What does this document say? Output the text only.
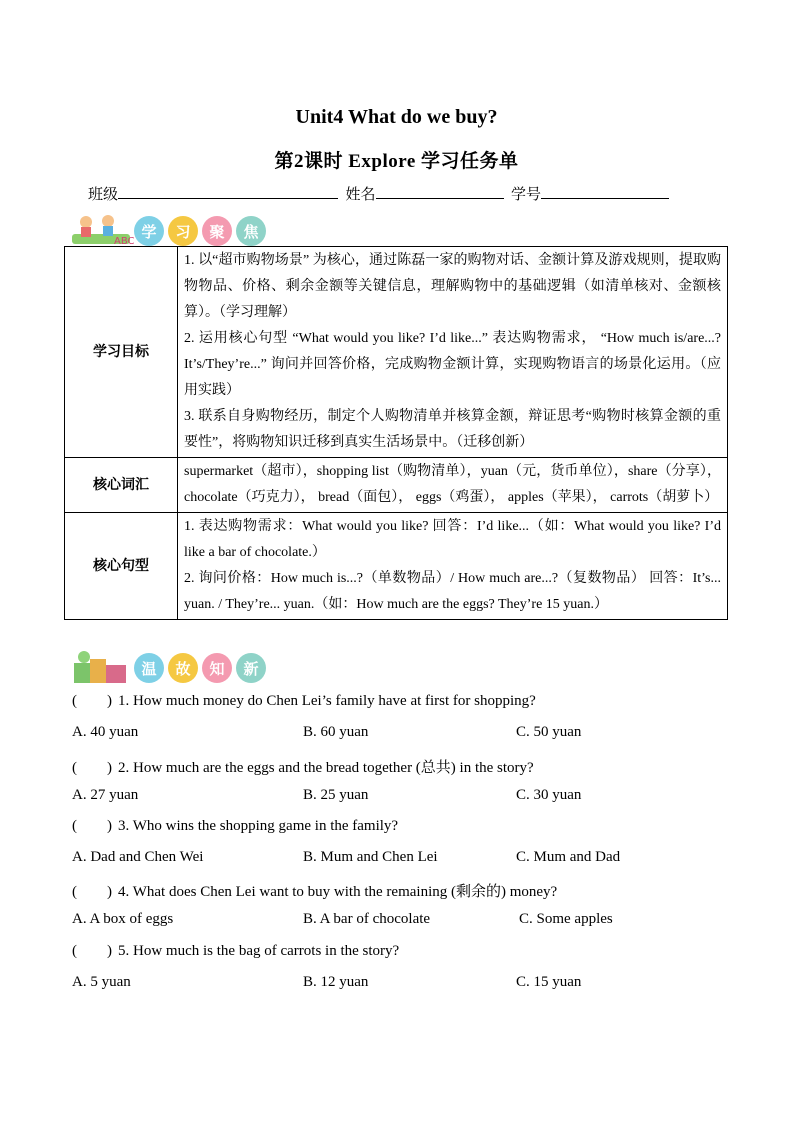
Unit4 What do we buy?
第2课时 Explore 学习任务单
班级	姓名	学号
ABC
学	习	聚	焦
学习目标	1. 以“超市购物场景” 为核心，通过陈磊一家的购物对话、金额计算及游戏规则，提取购物物品、价格、剩余金额等关键信息，理解购物中的基础逻辑（如清单核对、金额核算）。（学习理解）
2. 运用核心句型 “What would you like? I’d like...” 表达购物需求， “How much is/are...? It’s/They’re...” 询问并回答价格，完成购物金额计算，实现购物语言的场景化运用。（应用实践）
3. 联系自身购物经历，制定个人购物清单并核算金额，辩证思考“购物时核算金额的重要性”，将购物知识迁移到真实生活场景中。（迁移创新）

核心词汇	supermarket（超市），shopping list（购物清单），yuan（元，货币单位），share（分享）， chocolate（巧克力）， bread（面包）， eggs（鸡蛋）， apples（苹果）， carrots（胡萝卜）

核心句型	1. 表达购物需求：What would you like? 回答：I’d like...（如：What would you like? I’d like a bar of chocolate.）
2. 询问价格：How much is...?（单数物品）/ How much are...?（复数物品） 回答：It’s... yuan. / They’re... yuan.（如：How much are the eggs? They’re 15 yuan.）
温	故	知	新
( ) 1. How much money do Chen Lei’s family have at first for shopping?
A. 40 yuan	B. 60 yuan	C. 50 yuan
( ) 2. How much are the eggs and the bread together (总共) in the story?
A. 27 yuan	B. 25 yuan	C. 30 yuan
( ) 3. Who wins the shopping game in the family?
A. Dad and Chen Wei	B. Mum and Chen Lei	C. Mum and Dad
( ) 4. What does Chen Lei want to buy with the remaining (剩余的) money?
A. A box of eggs	B. A bar of chocolate	C. Some apples
( ) 5. How much is the bag of carrots in the story?
A. 5 yuan	B. 12 yuan	C. 15 yuan
